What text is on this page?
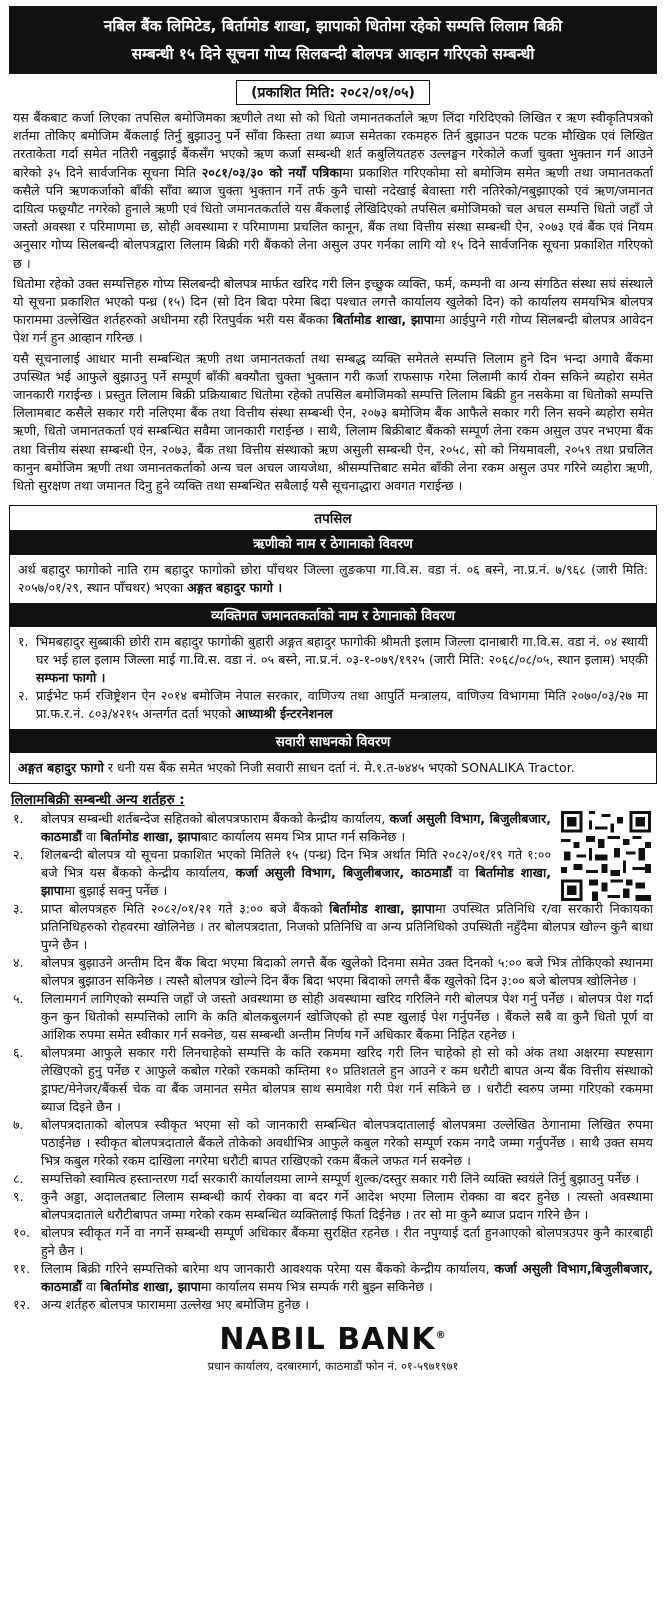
नबिल बैंक लिमिटेड, बिर्तामोड शाखा, झापाको धितोमा रहेको सम्पत्ति लिलाम बिक्री
सम्बन्धी १५ दिने सूचना गोप्य सिलबन्दी बोलपत्र आव्हान गरिएको सम्बन्धी
(प्रकाशित मिति: २०८२/०१/०५)

यस बैंकबाट कर्जा लिएका तपसिल बमोजिमका ऋणीले तथा सो को धितो जमानतकर्ताले ऋण लिंदा गरिदिएको लिखित र ऋण स्वीकृतिपत्रको शर्तमा तोकिए बमोजिम बैंकलाई तिर्नु बुझाउनु पर्ने साँवा किस्ता तथा ब्याज समेतका रकमहरु तिर्न बुझाउन पटक पटक मौखिक एवं लिखित तरताकेता गर्दा समेत नतिरी नबुझाई बैंकसँग भएको ऋण कर्जा सम्बन्धी शर्त कबुलियतहरु उल्लङ्घन गरेकोले कर्जा चुक्ता भुक्तान गर्न आउने बारेको ३५ दिने सार्वजनिक सूचना मिति २०८१/०३/३० को नयाँ पत्रिकामा प्रकाशित गरिएकोमा सो बमोजिम समेत ऋणी तथा जमानतकर्ता कसैले पनि ऋणकर्जाको बाँकी साँवा ब्याज चुक्ता भुक्तान गर्ने तर्फ कुनै चासो नदेखाई बेवास्ता गरी नतिरेको/नबुझाएको एवं ऋण/जमानत दायित्व फछ्र्यौट नगरेको हुनाले ऋणी एवं धितो जमानतकर्ताले यस बैंकलाई लेखिदिएको तपसिल बमोजिमको चल अचल सम्पत्ति धितो जहाँ जे जस्तो अवस्था र परिमाणमा छ, सोही अवस्थामा र परिमाणमा प्रचलित कानून, बैंक तथा वित्तीय संस्था सम्बन्धी ऐन, २०७३ एवं बैंक एवं नियम अनुसार गोप्य सिलबन्दी बोलपत्रद्वारा लिलाम बिक्री गरी बैंकको लेना असुल उपर गर्नका लागि यो १५ दिने सार्वजनिक सूचना प्रकाशित गरिएको छ ।

धितोमा रहेको उक्त सम्पत्तिहरु गोप्य सिलबन्दी बोलपत्र मार्फत खरिद गरी लिन इच्छुक व्यक्ति, फर्म, कम्पनी वा अन्य संगठित संस्था सघं संस्थाले यो सूचना प्रकाशित भएको पन्ध्र (१५) दिन (सो दिन बिदा परेमा बिदा पश्चात लगत्तै कार्यालय खुलेको दिन) को कार्यालय समयभित्र बोलपत्र फाराममा उल्लेखित शर्तहरुको अधीनमा रही रितपुर्वक भरी यस बैंकका बिर्तामोड शाखा, झापामा आईपुग्ने गरी गोप्य सिलबन्दी बोलपत्र आवेदन पेश गर्न हुन आव्हान गरिन्छ ।

यसै सूचनालाई आधार मानी सम्बन्धित ऋणी तथा जमानतकर्ता तथा सम्बद्ध व्यक्ति समेतले सम्पत्ति लिलाम हुने दिन भन्दा अगावै बैंकमा उपस्थित भई आफुले बुझाउनु पर्ने सम्पूर्ण बाँकी बक्यौता चुक्ता भुक्तान गरी कर्जा राफसाफ गरेमा लिलामी कार्य रोक्न सकिने ब्यहोरा समेत जानकारी गराईन्छ । प्रस्तुत लिलाम बिक्री प्रक्रियाबाट धितोमा रहेको तपसिल बमोजिमको सम्पत्ति लिलाम बिक्री हुन नसकेमा वा धितोको सम्पत्ति लिलामबाट कसैले सकार गरी नलिएमा बैंक तथा वित्तीय संस्था सम्बन्धी ऐन, २०७३ बमोजिम बैंक आफैले सकार गरी लिन सक्ने ब्यहोरा समेत ऋणी, धितो जमानतकर्ता एवं सम्बन्धित सवैमा जानकारी गराईन्छ । साथै, लिलाम बिक्रीबाट बैंकको सम्पूर्ण लेना रकम असुल उपर नभएमा बैंक तथा वित्तीय संस्था सम्बन्धी ऐन, २०७३, बैंक तथा वित्तीय संस्थाको ऋण असुली सम्बन्धी ऐन, २०५८, सो को नियमावली, २०५९ तथा प्रचलित कानुन बमोजिम ऋणी तथा जमानतकर्ताको अन्य चल अचल जायजेथा, श्रीसम्पत्तिबाट समेत बाँकी लेना रकम असुल उपर गरिने व्यहोरा ऋणी, धितो सुरक्षण तथा जमानत दिनु हुने व्यक्ति तथा सम्बन्धित सबैलाई यसै सूचनाद्धारा अवगत गराईन्छ ।

तपसिल
ऋणीको नाम र ठेगानाको विवरण
अर्थ बहादुर फागोको नाति राम बहादुर फागोको छोरा पाँचथर जिल्ला लुङकपा गा.वि.स. वडा नं. ०६ बस्ने, ना.प्र.नं. ७/९६८ (जारी मिति: २०५७/०१/२९, स्थान पाँचथर) भएका अङ्गत बहादुर फागो ।
व्यक्तिगत जमानतकर्ताको नाम र ठेगानाको विवरण
१. भिमबहादुर सुब्बाकी छोरी राम बहादुर फागोकी बुहारी अङ्गत बहादुर फागोकी श्रीमती इलाम जिल्ला दानाबारी गा.वि.स. वडा नं. ०४ स्थायी घर भई हाल इलाम जिल्ला माई गा.वि.स. वडा नं. ०५ बस्ने, ना.प्र.नं. ०३-१-०७९/१९२५ (जारी मिति: २०६८/०८/०५, स्थान इलाम) भएकी सम्फना फागो ।
२. प्राईभेट फर्म रजिष्ट्रेशन ऐन २०१४ बमोजिम नेपाल सरकार, वाणिज्य तथा आपुर्ति मन्त्रालय, वाणिज्य विभागमा मिति २०७०/०३/२७ मा प्रा.फ.र.नं. ८०३/४२१५ अन्तर्गत दर्ता भएको आध्याश्री ईन्टरनेशनल
सवारी साधनको विवरण
अङ्गत बहादुर फागो र धनी यस बैंक समेत भएको निजी सवारी साधन दर्ता नं. मे.१.त-७४४५ भएको SONALIKA Tractor.
लिलामबिक्री सम्बन्धी अन्य शर्तहरु :
१.	बोलपत्र सम्बन्धी शर्तबन्देज सहितको बोलपत्रफाराम बैंकको केन्द्रीय कार्यालय, कर्जा असुली विभाग, बिजुलीबजार, काठमाडौं वा बिर्तामोड शाखा, झापाबाट कार्यालय समय भित्र प्राप्त गर्न सकिनेछ ।
२.	शिलबन्दी बोलपत्र यो सूचना प्रकाशित भएको मितिले १५ (पन्ध्र) दिन भित्र अर्थात मिति २०८२/०१/१९ गते १:०० बजे भित्र यस बैंकको केन्द्रीय कार्यालय, कर्जा असुली विभाग, बिजुलीबजार, काठमाडौं वा बिर्तामोड शाखा, झापामा बुझाई सक्नु पर्नेछ ।
३.	प्राप्त बोलपत्रहरु मिति २०८२/०१/२१ गते ३:०० बजे बैंकको बिर्तामोड शाखा, झापामा उपस्थित प्रतिनिधि र/वा सरकारी निकायका प्रतिनिधिहरुको रोहवरमा खोलिनेछ । तर बोलपत्रदाता, निजको प्रतिनिधि वा अन्य प्रतिनिधिको उपस्थिती नहुँदैमा बोलपत्र खोल्न कुनै बाधा पुग्ने छैन ।
४.	बोलपत्र बुझाउने अन्तीम दिन बैंक बिदा भएमा बिदाको लगत्तै बैंक खुलेको दिनमा समेत उक्त दिनको ५:०० बजे भित्र तोकिएको स्थानमा बोलपत्र बुझाउन सकिनेछ । त्यस्तै बोलपत्र खोल्ने दिन बैंक बिदा भएमा बिदाको लगत्तै बैंक खुलेको दिन ३:०० बजे बोलपत्र खोलिनेछ ।
५.	लिलामगर्न लागिएको सम्पत्ति जहाँ जे जस्तो अवस्थामा छ सोही अवस्थामा खरिद गरिलिने गरी बोलपत्र पेश गर्नु पर्नेछ । बोलपत्र पेश गर्दा कुन कुन धितोको सम्पत्तिको लागि के कति बोलकबुलगर्न खोजिएको हो स्पष्ट खुलाई पेश गर्नुपर्नेछ । बैंकले सबै वा कुनै धितो पूर्ण वा आंशिक रुपमा समेत स्वीकार गर्न सक्नेछ, यस सम्बन्धी अन्तीम निर्णय गर्ने अधिकार बैंकमा निहित रहनेछ ।
६.	बोलपत्रमा आफुले सकार गरी लिनचाहेको सम्पत्ति के कति रकममा खरिद गरी लिन चाहेको हो सो को अंक तथा अक्षरमा स्पष्टसाग लेखिएको हुनु पर्नेछ र आफुले कबोल गरेको रकमको कम्तिमा १० प्रतिशतले हुन आउने र कम धरौटी बापत अन्य बैंक वित्तीय संस्थाको ड्राफ्ट/मेनेजर/बैंकर्स चेक वा बैंक जमानत समेत बोलपत्र साथ समावेश गरी पेश गर्न सकिने छ । धरौटी स्वरुप जम्मा गरिएको रकममा ब्याज दिइने छैन ।
७.	बोलपत्रदाताको बोलपत्र स्वीकृत भएमा सो को जानकारी सम्बन्धित बोलपत्रदातालाई बोलपत्रमा उल्लेखित ठेगानामा लिखित रुपमा पठाईनेछ । स्वीकृत बोलपत्रदाताले बैंकले तोकेको अवधीभित्र आफुले कबुल गरेको सम्पूर्ण रकम नगदै जम्मा गर्नुपर्नेछ । साथै उक्त समय भित्र कबुल गरेको रकम दाखिला नगरेमा धरौटी बापत राखिएको रकम बैंकले जफत गर्न सक्नेछ ।
८.	सम्पत्तिको स्वामित्व हस्तान्तरण गर्दा सरकारी कार्यालयमा लाग्ने सम्पूर्ण शुल्क/दस्तुर सकार गरी लिने व्यक्ति स्वयंले तिर्नु बुझाउनु पर्नेछ ।
९.	कुनै अड्डा, अदालतबाट लिलाम सम्बन्धी कार्य रोक्का वा बदर गर्ने आदेश भएमा लिलाम रोक्का वा बदर हुनेछ । त्यस्तो अवस्थामा बोलपत्रदाताले धरौटीबापत जम्मा गरेको रकम सम्बन्धित व्यक्तिलाई फिर्ता दिईनेछ । तर सो मा कुनै ब्याज प्रदान गरिने छैन ।
१०. बोलपत्र स्वीकृत गर्ने वा नगर्ने सम्बन्धी सम्पूर्ण अधिकार बैंकमा सुरक्षित रहनेछ । रीत नपुग्याई दर्ता हुनआएको बोलपत्रउपर कुनै कारबाही हुने छैन ।
११. लिलाम बिक्री गरिने सम्पत्तिको बारेमा थप जानकारी आवश्यक परेमा यस बैंकको केन्द्रीय कार्यालय, कर्जा असुली विभाग,बिजुलीबजार, काठमाडौं वा बिर्तामोड शाखा, झापामा कार्यालय समय भित्र सम्पर्क गरी बुझ्न सकिनेछ ।
१२. अन्य शर्तहरु बोलपत्र फाराममा उल्लेख भए बमोजिम हुनेछ ।
NABIL BANK®
प्रधान कार्यालय, दरबारमार्ग, काठमाडौं फोन नं. ०१-५९७१९७१
